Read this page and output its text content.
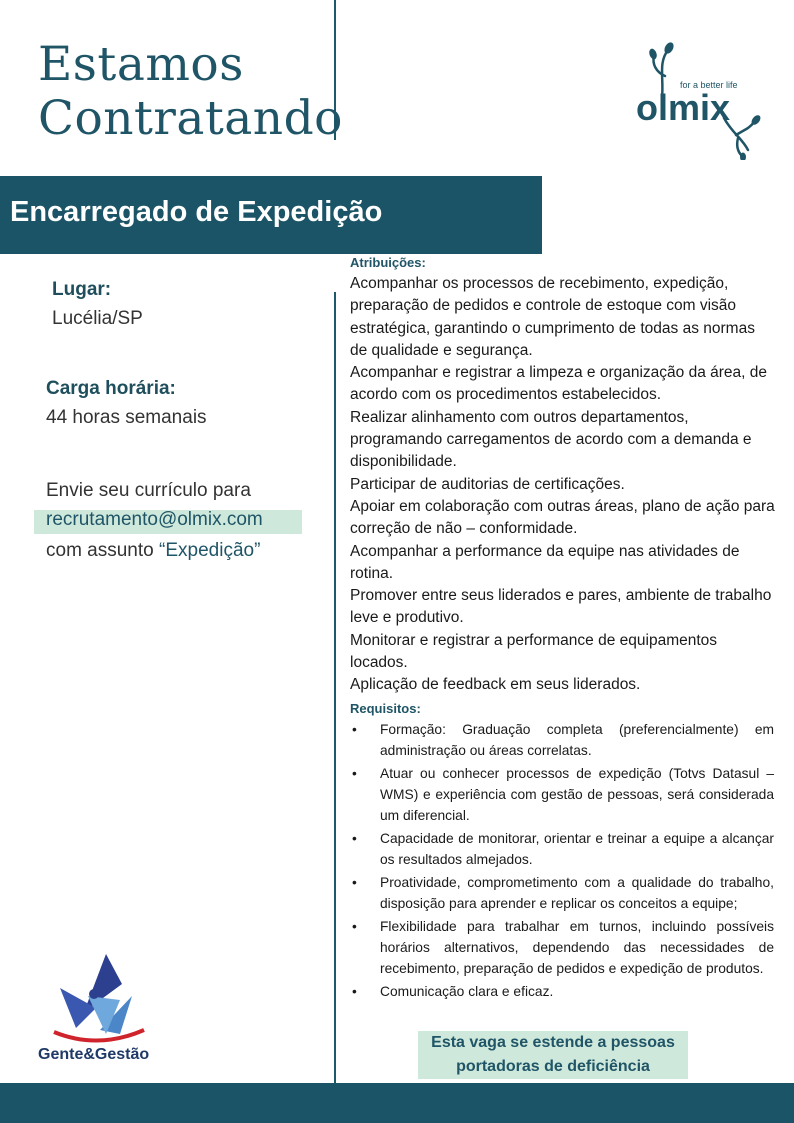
Estamos
Contratando
for a better life
olmix
Encarregado de Expedição
Lugar:
Lucélia/SP
Carga horária:
44 horas semanais
Envie seu currículo para
recrutamento@olmix.com
com assunto “Expedição”
Atribuições:

Acompanhar os processos de recebimento, expedição, preparação de pedidos e controle de estoque com visão estratégica, garantindo o cumprimento de todas as normas de qualidade e segurança.

Acompanhar e registrar a limpeza e organização da área, de acordo com os procedimentos estabelecidos.

Realizar alinhamento com outros departamentos, programando carregamentos de acordo com a demanda e disponibilidade.

Participar de auditorias de certificações.

Apoiar em colaboração com outras áreas, plano de ação para correção de não – conformidade.

Acompanhar a performance da equipe nas atividades de rotina.

Promover entre seus liderados e pares, ambiente de trabalho leve e produtivo.

Monitorar e registrar a performance de equipamentos locados.

Aplicação de feedback em seus liderados.

Requisitos:
• Formação: Graduação completa (preferencialmente) em administração ou áreas correlatas.
• Atuar ou conhecer processos de expedição (Totvs Datasul – WMS) e experiência com gestão de pessoas, será considerada um diferencial.
• Capacidade de monitorar, orientar e treinar a equipe a alcançar os resultados almejados.
• Proatividade, comprometimento com a qualidade do trabalho, disposição para aprender e replicar os conceitos a equipe;
• Flexibilidade para trabalhar em turnos, incluindo possíveis horários alternativos, dependendo das necessidades de recebimento, preparação de pedidos e expedição de produtos.
• Comunicação clara e eficaz.
Esta vaga se estende a pessoas
portadoras de deficiência
Gente&Gestão
